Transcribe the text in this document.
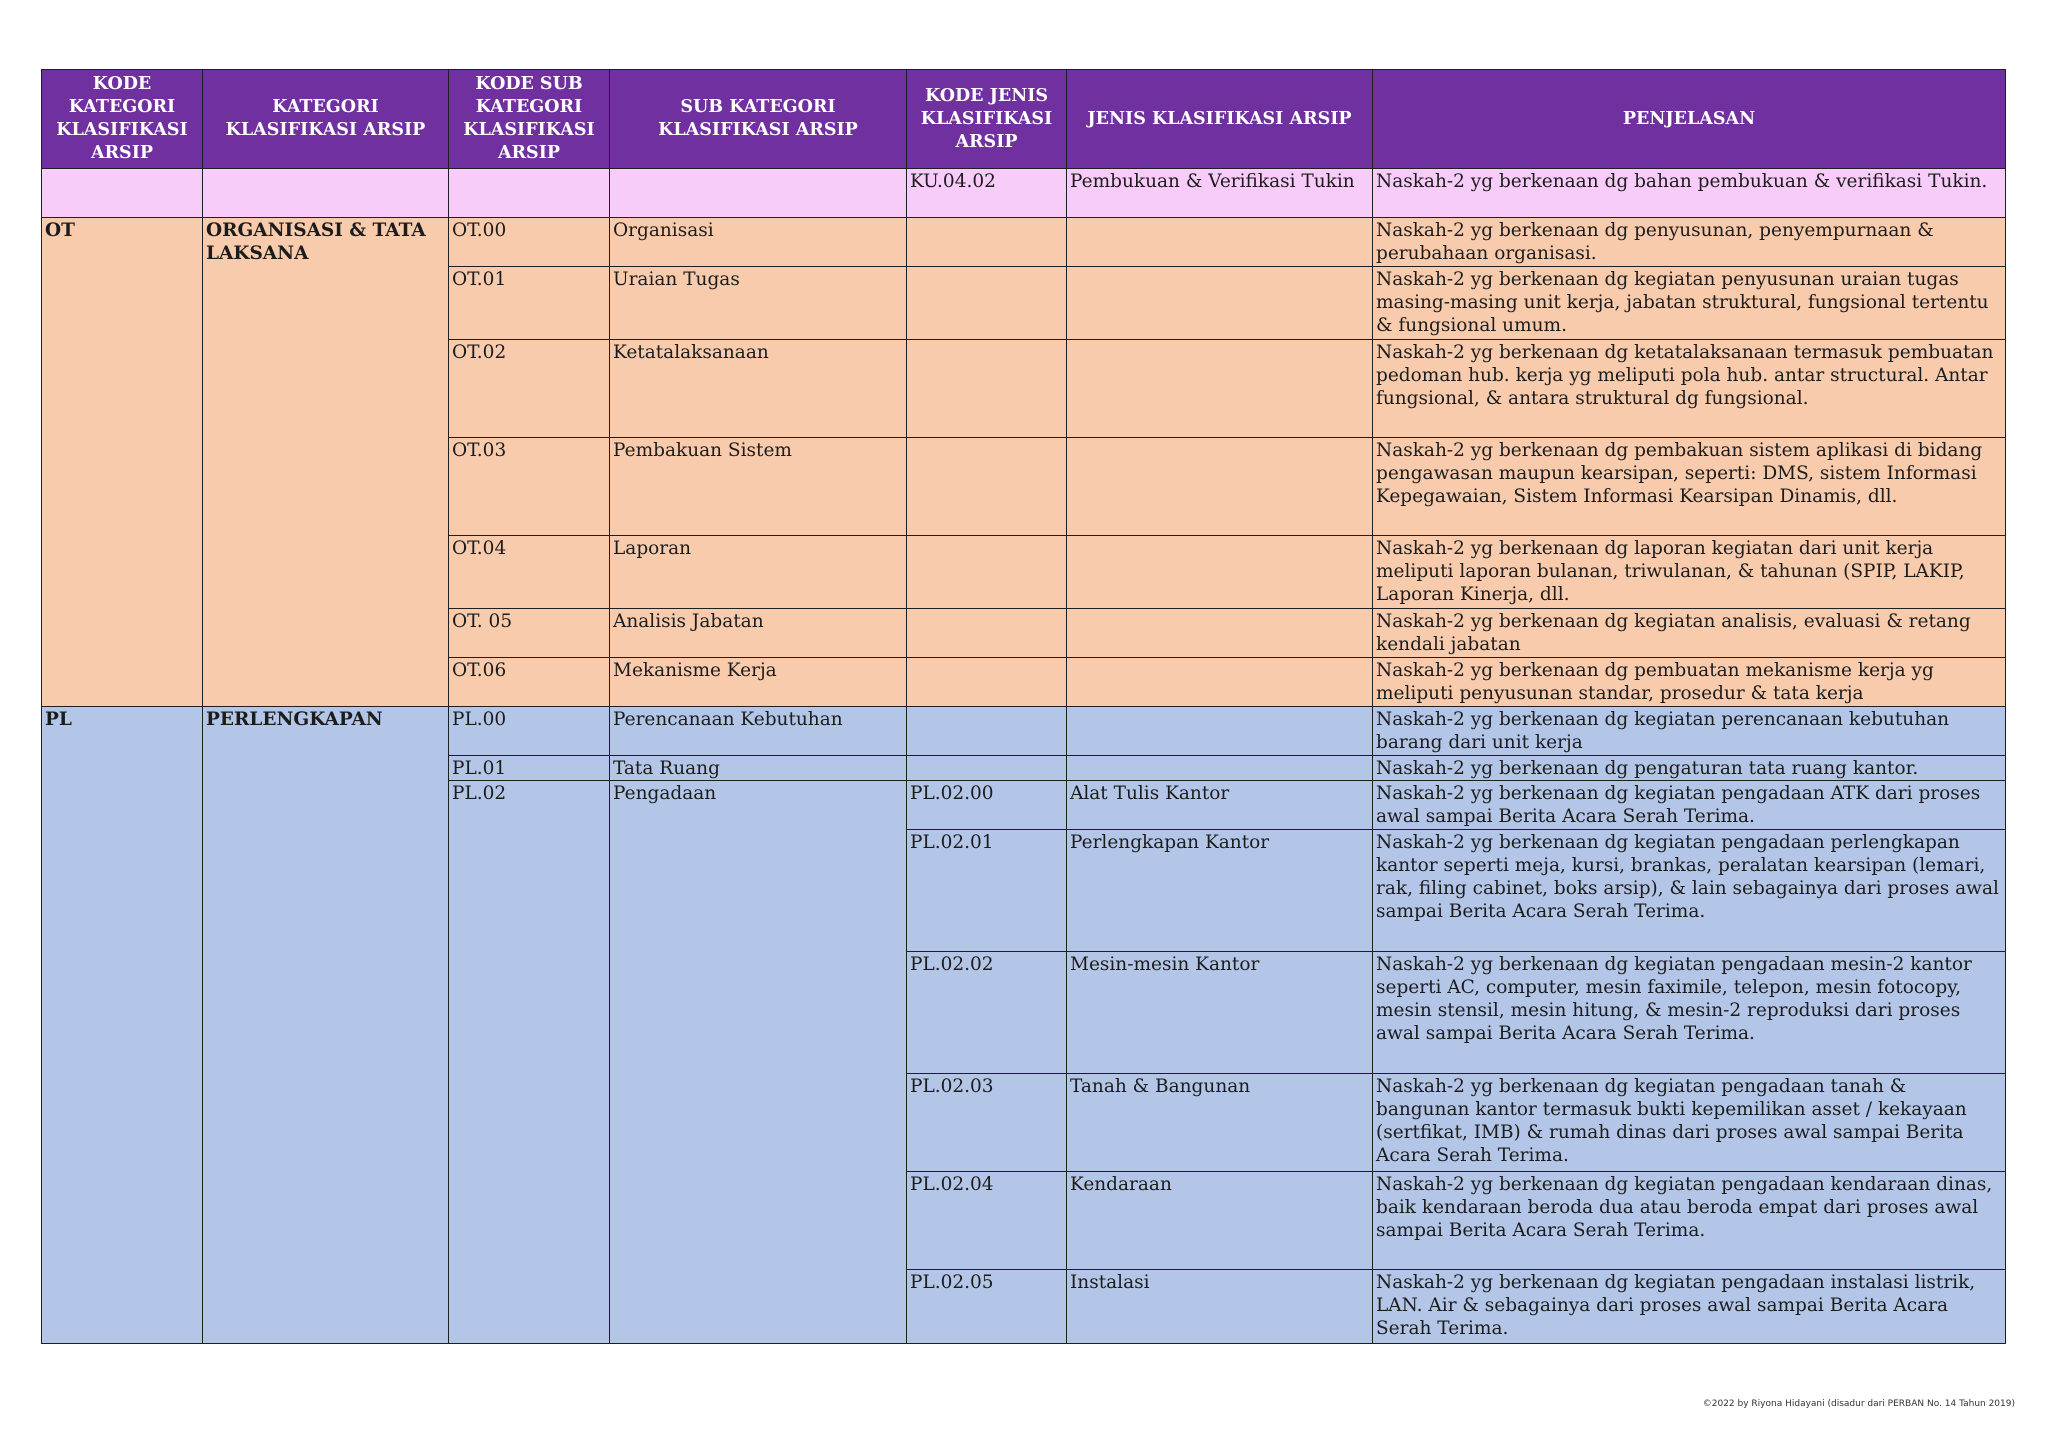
KODE KATEGORI KLASIFIKASI ARSIP	KATEGORI KLASIFIKASI ARSIP	KODE SUB KATEGORI KLASIFIKASI ARSIP	SUB KATEGORI KLASIFIKASI ARSIP	KODE JENIS KLASIFIKASI ARSIP	JENIS KLASIFIKASI ARSIP	PENJELASAN
				KU.04.02	Pembukuan & Verifikasi Tukin	Naskah-2 yg berkenaan dg bahan pembukuan & verifikasi Tukin.
OT	ORGANISASI & TATA LAKSANA	OT.00	Organisasi			Naskah-2 yg berkenaan dg penyusunan, penyempurnaan & perubahaan organisasi.
		OT.01	Uraian Tugas			Naskah-2 yg berkenaan dg kegiatan penyusunan uraian tugas masing-masing unit kerja, jabatan struktural, fungsional tertentu & fungsional umum.
		OT.02	Ketatalaksanaan			Naskah-2 yg berkenaan dg ketatalaksanaan termasuk pembuatan pedoman hub. kerja yg meliputi pola hub. antar structural. Antar fungsional, & antara struktural dg fungsional.
		OT.03	Pembakuan Sistem			Naskah-2 yg berkenaan dg pembakuan sistem aplikasi di bidang pengawasan maupun kearsipan, seperti: DMS, sistem Informasi Kepegawaian, Sistem Informasi Kearsipan Dinamis, dll.
		OT.04	Laporan			Naskah-2 yg berkenaan dg laporan kegiatan dari unit kerja meliputi laporan bulanan, triwulanan, & tahunan (SPIP, LAKIP, Laporan Kinerja, dll.
		OT. 05	Analisis Jabatan			Naskah-2 yg berkenaan dg kegiatan analisis, evaluasi & retang kendali jabatan
		OT.06	Mekanisme Kerja			Naskah-2 yg berkenaan dg pembuatan mekanisme kerja yg meliputi penyusunan standar, prosedur & tata kerja
PL	PERLENGKAPAN	PL.00	Perencanaan Kebutuhan			Naskah-2 yg berkenaan dg kegiatan perencanaan kebutuhan barang dari unit kerja
		PL.01	Tata Ruang			Naskah-2 yg berkenaan dg pengaturan tata ruang kantor.
		PL.02	Pengadaan	PL.02.00	Alat Tulis Kantor	Naskah-2 yg berkenaan dg kegiatan pengadaan ATK dari proses awal sampai Berita Acara Serah Terima.
				PL.02.01	Perlengkapan Kantor	Naskah-2 yg berkenaan dg kegiatan pengadaan perlengkapan kantor seperti meja, kursi, brankas, peralatan kearsipan (lemari, rak, filing cabinet, boks arsip), & lain sebagainya dari proses awal sampai Berita Acara Serah Terima.
				PL.02.02	Mesin-mesin Kantor	Naskah-2 yg berkenaan dg kegiatan pengadaan mesin-2 kantor seperti AC, computer, mesin faximile, telepon, mesin fotocopy, mesin stensil, mesin hitung, & mesin-2 reproduksi dari proses awal sampai Berita Acara Serah Terima.
				PL.02.03	Tanah & Bangunan	Naskah-2 yg berkenaan dg kegiatan pengadaan tanah & bangunan kantor termasuk bukti kepemilikan asset / kekayaan (sertfikat, IMB) & rumah dinas dari proses awal sampai Berita Acara Serah Terima.
				PL.02.04	Kendaraan	Naskah-2 yg berkenaan dg kegiatan pengadaan kendaraan dinas, baik kendaraan beroda dua atau beroda empat dari proses awal sampai Berita Acara Serah Terima.
				PL.02.05	Instalasi	Naskah-2 yg berkenaan dg kegiatan pengadaan instalasi listrik, LAN. Air & sebagainya dari proses awal sampai Berita Acara Serah Terima.
©2022 by Riyona Hidayani (disadur dari PERBAN No. 14 Tahun 2019)
